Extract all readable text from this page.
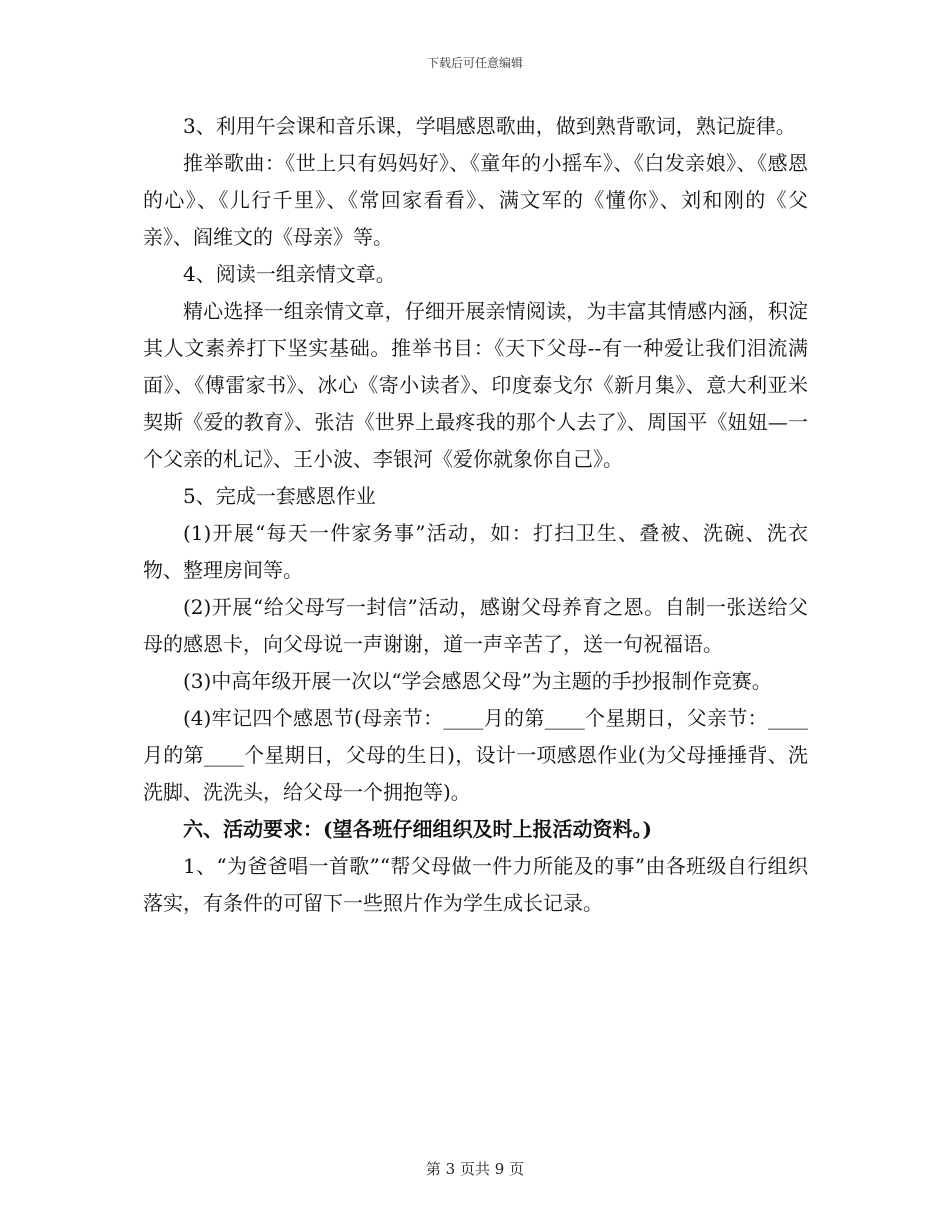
下载后可任意编辑

3、利用午会课和音乐课，学唱感恩歌曲，做到熟背歌词，熟记旋律。

推举歌曲：《世上只有妈妈好》、《童年的小摇车》、《白发亲娘》、《感恩的心》、《儿行千里》、《常回家看看》、满文军的《懂你》、刘和刚的《父亲》、阎维文的《母亲》等。

4、阅读一组亲情文章。

精心选择一组亲情文章，仔细开展亲情阅读，为丰富其情感内涵，积淀其人文素养打下坚实基础。推举书目：《天下父母--有一种爱让我们泪流满面》、《傅雷家书》、冰心《寄小读者》、印度泰戈尔《新月集》、意大利亚米契斯《爱的教育》、张洁《世界上最疼我的那个人去了》、周国平《妞妞—一个父亲的札记》、王小波、李银河《爱你就象你自己》。

5、完成一套感恩作业

(1)开展“每天一件家务事”活动，如：打扫卫生、叠被、洗碗、洗衣物、整理房间等。

(2)开展“给父母写一封信”活动，感谢父母养育之恩。自制一张送给父母的感恩卡，向父母说一声谢谢，道一声辛苦了，送一句祝福语。

(3)中高年级开展一次以“学会感恩父母”为主题的手抄报制作竞赛。

(4)牢记四个感恩节(母亲节：____月的第____个星期日，父亲节：____月的第____个星期日，父母的生日)，设计一项感恩作业(为父母捶捶背、洗洗脚、洗洗头，给父母一个拥抱等)。

六、活动要求：(望各班仔细组织及时上报活动资料。)

1、“为爸爸唱一首歌”“帮父母做一件力所能及的事”由各班级自行组织落实，有条件的可留下一些照片作为学生成长记录。

第 3 页共 9 页
